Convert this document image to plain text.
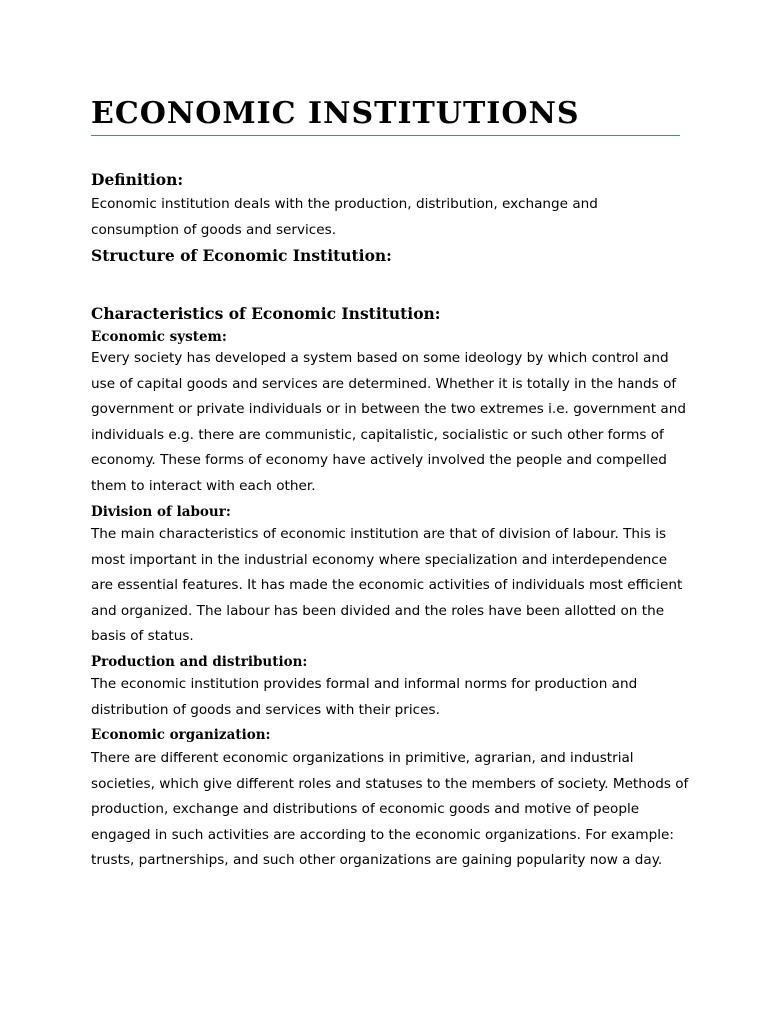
ECONOMIC INSTITUTIONS
Definition:

Economic institution deals with the production, distribution, exchange and consumption of goods and services.

Structure of Economic Institution:
Characteristics of Economic Institution:
Economic system:

Every society has developed a system based on some ideology by which control and use of capital goods and services are determined. Whether it is totally in the hands of government or private individuals or in between the two extremes i.e. government and individuals e.g. there are communistic, capitalistic, socialistic or such other forms of economy. These forms of economy have actively involved the people and compelled them to interact with each other.

Division of labour:

The main characteristics of economic institution are that of division of labour. This is most important in the industrial economy where specialization and interdependence are essential features. It has made the economic activities of individuals most efficient and organized. The labour has been divided and the roles have been allotted on the basis of status.

Production and distribution:

The economic institution provides formal and informal norms for production and distribution of goods and services with their prices.

Economic organization:

There are different economic organizations in primitive, agrarian, and industrial societies, which give different roles and statuses to the members of society. Methods of production, exchange and distributions of economic goods and motive of people engaged in such activities are according to the economic organizations. For example: trusts, partnerships, and such other organizations are gaining popularity now a day.
